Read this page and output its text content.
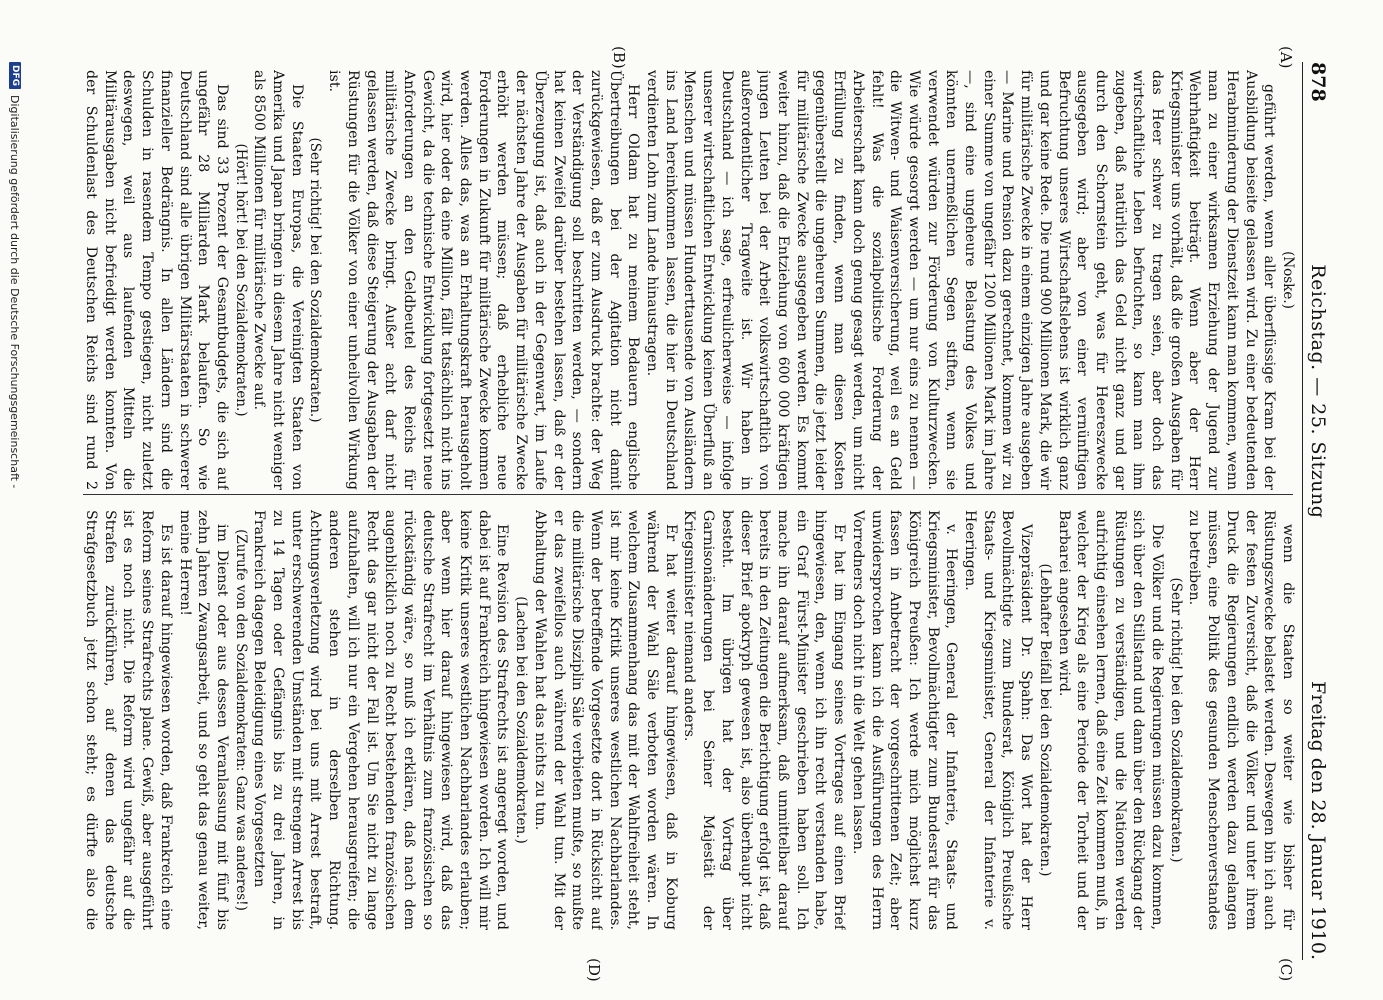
878
Reichstag. — 25. Sitzung
Freitag den 28. Januar 1910.
(A)
(B)
(C)
(D)

(Noske.)

geführt werden, wenn aller überflüssige Kram bei der Ausbildung beiseite gelassen wird. Zu einer bedeutenden Herabminderung der Dienstzeit kann man kommen, wenn man zu einer wirksamen Erziehung der Jugend zur Wehrhaftigkeit beiträgt. Wenn aber der Herr Kriegsminister uns vorhält, daß die großen Ausgaben für das Heer schwer zu tragen seien, aber doch das wirtschaftliche Leben befruchten, so kann man ihm zugeben, daß natürlich das Geld nicht ganz und gar durch den Schornstein geht, was für Heereszwecke ausgegeben wird; aber von einer vernünftigen Befruchtung unseres Wirtschaftslebens ist wirklich ganz und gar keine Rede. Die rund 900 Millionen Mark, die wir für militärische Zwecke in einem einzigen Jahre ausgeben — Marine und Pension dazu gerechnet, kommen wir zu einer Summe von ungefähr 1200 Millionen Mark im Jahre —, sind eine ungeheure Belastung des Volkes und könnten unermeßlichen Segen stiften, wenn sie verwendet würden zur Förderung von Kulturzwecken. Wie würde gesorgt werden — um nur eins zu nennen — die Witwen- und Waisenversicherung, weil es an Geld fehlt! Was die sozialpolitische Forderung der Arbeiterschaft kann doch genug gesagt werden, um nicht Erfüllung zu finden, wenn man diesen Kosten gegenüberstellt die ungeheuren Summen, die jetzt leider für militärische Zwecke ausgegeben werden. Es kommt weiter hinzu, daß die Entziehung von 600 000 kräftigen jungen Leuten bei der Arbeit volkswirtschaftlich von außerordentlicher Tragweite ist. Wir haben in Deutschland — ich sage, erfreulicherweise — infolge unserer wirtschaftlichen Entwicklung keinen Überfluß an Menschen und müssen Hunderttausende von Ausländern ins Land hereinkommen lassen, die hier in Deutschland verdienten Lohn zum Lande hinaustragen.

Herr Oldam hat zu meinem Bedauern englische Übertreibungen bei der Agitation nicht damit zurückgewiesen, daß er zum Ausdruck brachte: der Weg der Verständigung soll beschritten werden, — sondern hat keinen Zweifel darüber bestehen lassen, daß er der Überzeugung ist, daß auch in der Gegenwart, im Laufe der nächsten Jahre der Ausgaben für militärische Zwecke erhöht werden müssen; daß erhebliche neue Forderungen in Zukunft für militärische Zwecke kommen werden. Alles das, was an Erhaltungskraft herausgeholt wird, hier oder da eine Million, fällt tatsächlich nicht ins Gewicht, da die technische Entwicklung fortgesetzt neue Anforderungen an den Geldbeutel des Reichs für militärische Zwecke bringt. Außer acht darf nicht gelassen werden, daß diese Steigerung der Ausgaben der Rüstungen für die Völker von einer unheilvollen Wirkung ist.

(Sehr richtig! bei den Sozialdemokraten.)

Die Staaten Europas, die Vereinigten Staaten von Amerika und Japan bringen in diesem Jahre nicht weniger als 8500 Millionen für militärische Zwecke auf.

(Hört! hört! bei den Sozialdemokraten.)

Das sind 33 Prozent der Gesamtbudgets, die sich auf ungefähr 28 Milliarden Mark belaufen. So wie Deutschland sind alle übrigen Militärstaaten in schwerer finanzieller Bedrängnis. In allen Ländern sind die Schulden in rasendem Tempo gestiegen, nicht zuletzt deswegen, weil aus laufenden Mitteln die Militärausgaben nicht befriedigt werden konnten. Von der Schuldenlast des Deutschen Reichs sind rund 2

wenn die Staaten so weiter wie bisher für Rüstungszwecke belastet werden. Deswegen bin ich auch der festen Zuversicht, daß die Völker und unter ihrem Druck die Regierungen endlich werden dazu gelangen müssen, eine Politik des gesunden Menschenverstandes zu betreiben.

(Sehr richtig! bei den Sozialdemokraten.)

Die Völker und die Regierungen müssen dazu kommen, sich über den Stillstand und dann über den Rückgang der Rüstungen zu verständigen, und die Nationen werden aufrichtig einsehen lernen, daß eine Zeit kommen muß, in welcher der Krieg als eine Periode der Torheit und der Barbarei angesehen wird.

(Lebhafter Beifall bei den Sozialdemokraten.)

Vizepräsident Dr. Spahn: Das Wort hat der Herr Bevollmächtigte zum Bundesrat, Königlich Preußische Staats- und Kriegsminister, General der Infanterie v. Heeringen.

v. Heeringen, General der Infanterie, Staats- und Kriegsminister, Bevollmächtigter zum Bundesrat für das Königreich Preußen: Ich werde mich möglichst kurz fassen in Anbetracht der vorgeschrittenen Zeit; aber unwidersprochen kann ich die Ausführungen des Herrn Vorredners doch nicht in die Welt gehen lassen.

Er hat im Eingang seines Vortrages auf einen Brief hingewiesen, den, wenn ich ihn recht verstanden habe, ein Graf Fürst-Minister geschrieben haben soll. Ich mache ihn darauf aufmerksam, daß unmittelbar darauf bereits in den Zeitungen die Berichtigung erfolgt ist, daß dieser Brief apokryph gewesen ist, also überhaupt nicht besteht. Im übrigen hat der Vortrag über Garnisonänderungen bei Seiner Majestät der Kriegsminister niemand anders.

Er hat weiter darauf hingewiesen, daß in Koburg während der Wahl Säle verboten worden wären. In welchem Zusammenhang das mit der Wahlfreiheit steht, ist mir keine Kritik unseres westlichen Nachbarlandes. Wenn der betreffende Vorgesetzte dort in Rücksicht auf die militärische Disziplin Säle verbieten mußte, so mußte er das zweifellos auch während der Wahl tun. Mit der Abhaltung der Wahlen hat das nichts zu tun.

(Lachen bei den Sozialdemokraten.)

Eine Revision des Strafrechts ist angeregt worden, und dabei ist auf Frankreich hingewiesen worden. Ich will mir keine Kritik unseres westlichen Nachbarlandes erlauben; aber wenn hier darauf hingewiesen wird, daß das deutsche Strafrecht im Verhältnis zum französischen so rückständig wäre, so muß ich erklären, daß nach dem augenblicklich noch zu Recht bestehenden französischen Recht das gar nicht der Fall ist. Um Sie nicht zu lange aufzuhalten, will ich nur ein Vergehen herausgreifen; die anderen stehen in derselben Richtung. Achtungsverletzung wird bei uns mit Arrest bestraft, unter erschwerenden Umständen mit strengem Arrest bis zu 14 Tagen oder Gefängnis bis zu drei Jahren, in Frankreich dagegen Beleidigung eines Vorgesetzten

(Zurufe von den Sozialdemokraten: Ganz was anderes!)

im Dienst oder aus dessen Veranlassung mit fünf bis zehn Jahren Zwangsarbeit, und so geht das genau weiter, meine Herren!

Es ist darauf hingewiesen worden, daß Frankreich eine Reform seines Strafrechts plane. Gewiß, aber ausgeführt ist es noch nicht. Die Reform wird ungefähr auf die Strafen zurückführen, auf denen das deutsche Strafgesetzbuch jetzt schon steht; es dürfte also die

DFG
Digitalisierung gefördert durch die Deutsche Forschungsgemeinschaft -
